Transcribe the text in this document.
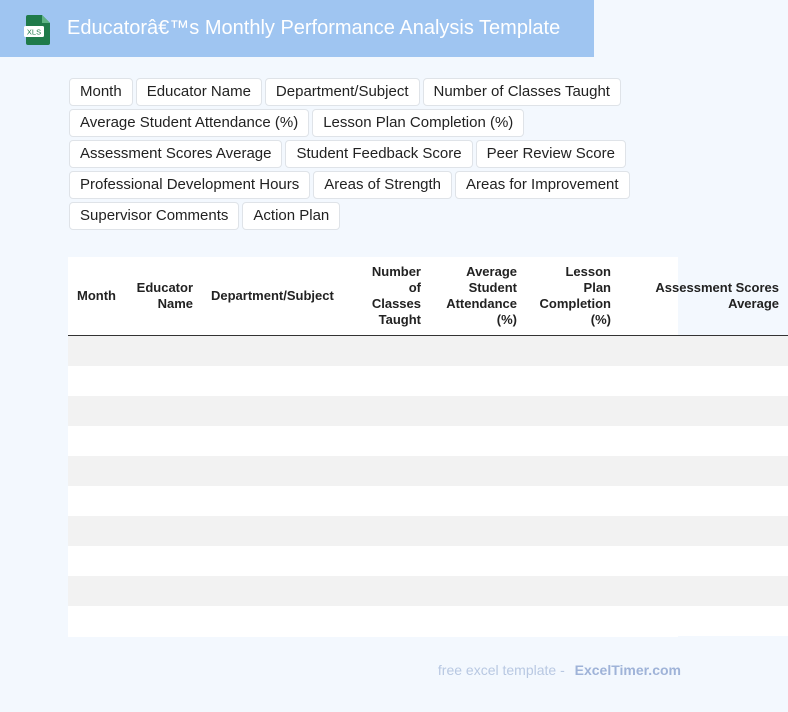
XLS Educatorâ€™s Monthly Performance Analysis Template
Month	Educator Name	Department/Subject	Number of Classes Taught
Average Student Attendance (%)	Lesson Plan Completion (%)
Assessment Scores Average	Student Feedback Score	Peer Review Score
Professional Development Hours	Areas of Strength	Areas for Improvement
Supervisor Comments	Action Plan
Month	Educator Name	Department/Subject	Number of Classes Taught	Average Student Attendance (%)	Lesson Plan Completion (%)	Assessment Scores Average

free excel template - ExcelTimer.com
